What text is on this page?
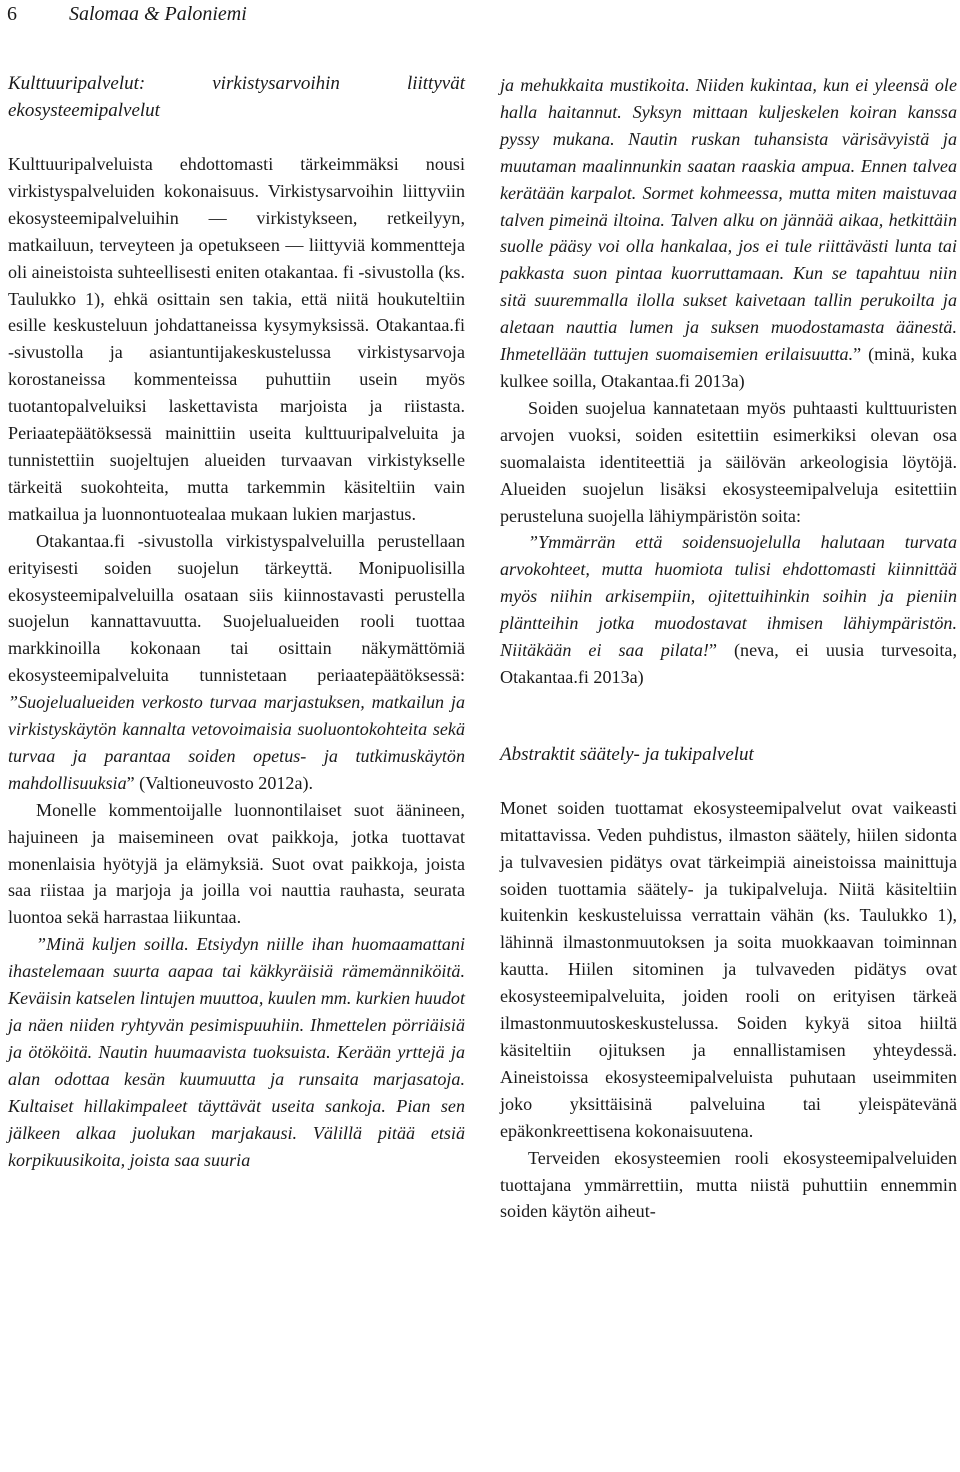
6	Salomaa & Paloniemi

Kulttuuripalvelut: virkistysarvoihin liittyvät ekosysteemipalvelut

Kulttuuripalveluista ehdottomasti tärkeimmäksi nousi virkistyspalveluiden kokonaisuus. Virkistysarvoihin liittyviin ekosysteemipalveluihin — virkistykseen, retkeilyyn, matkailuun, terveyteen ja opetukseen — liittyviä kommentteja oli aineistoista suhteellisesti eniten otakantaa. fi -sivustolla (ks. Taulukko 1), ehkä osittain sen takia, että niitä houkuteltiin esille keskusteluun johdattaneissa kysymyksissä. Otakantaa.fi -sivustolla ja asiantuntijakeskustelussa virkistysarvoja korostaneissa kommenteissa puhuttiin usein myös tuotantopalveluiksi laskettavista marjoista ja riistasta. Periaatepäätöksessä mainittiin useita kulttuuripalveluita ja tunnistettiin suojeltujen alueiden turvaavan virkistykselle tärkeitä suokohteita, mutta tarkemmin käsiteltiin vain matkailua ja luonnontuotealaa mukaan lukien marjastus.

Otakantaa.fi -sivustolla virkistyspalveluilla perustellaan erityisesti soiden suojelun tärkeyttä. Monipuolisilla ekosysteemipalveluilla osataan siis kiinnostavasti perustella suojelun kannattavuutta. Suojelualueiden rooli tuottaa markkinoilla kokonaan tai osittain näkymättömiä ekosysteemipalveluita tunnistetaan periaatepäätöksessä: ”Suojelualueiden verkosto turvaa marjastuksen, matkailun ja virkistyskäytön kannalta vetovoimaisia suoluontokohteita sekä turvaa ja parantaa soiden opetus- ja tutkimuskäytön mahdollisuuksia” (Valtioneuvosto 2012a).

Monelle kommentoijalle luonnontilaiset suot äänineen, hajuineen ja maisemineen ovat paikkoja, jotka tuottavat monenlaisia hyötyjä ja elämyksiä. Suot ovat paikkoja, joista saa riistaa ja marjoja ja joilla voi nauttia rauhasta, seurata luontoa sekä harrastaa liikuntaa.

”Minä kuljen soilla. Etsiydyn niille ihan huomaamattani ihastelemaan suurta aapaa tai käkkyräisiä rämemänniköitä. Keväisin katselen lintujen muuttoa, kuulen mm. kurkien huudot ja näen niiden ryhtyvän pesimispuuhiin. Ihmettelen pörriäisiä ja ötököitä. Nautin huumaavista tuoksuista. Kerään yrttejä ja alan odottaa kesän kuumuutta ja runsaita marjasatoja. Kultaiset hillakimpaleet täyttävät useita sankoja. Pian sen jälkeen alkaa juolukan marjakausi. Välillä pitää etsiä korpikuusikoita, joista saa suuria

ja mehukkaita mustikoita. Niiden kukintaa, kun ei yleensä ole halla haitannut. Syksyn mittaan kuljeskelen koiran kanssa pyssy mukana. Nautin ruskan tuhansista värisävyistä ja muutaman maalinnunkin saatan raaskia ampua. Ennen talvea kerätään karpalot. Sormet kohmeessa, mutta miten maistuvaa talven pimeinä iltoina. Talven alku on jännää aikaa, hetkittäin suolle pääsy voi olla hankalaa, jos ei tule riittävästi lunta tai pakkasta suon pintaa kuorruttamaan. Kun se tapahtuu niin sitä suuremmalla ilolla sukset kaivetaan tallin perukoilta ja aletaan nauttia lumen ja suksen muodostamasta äänestä. Ihmetellään tuttujen suomaisemien erilaisuutta.” (minä, kuka kulkee soilla, Otakantaa.fi 2013a)

Soiden suojelua kannatetaan myös puhtaasti kulttuuristen arvojen vuoksi, soiden esitettiin esimerkiksi olevan osa suomalaista identiteettiä ja säilövän arkeologisia löytöjä. Alueiden suojelun lisäksi ekosysteemipalveluja esitettiin perusteluna suojella lähiympäristön soita:

”Ymmärrän että soidensuojelulla halutaan turvata arvokohteet, mutta huomiota tulisi ehdottomasti kiinnittää myös niihin arkisempiin, ojitettuihinkin soihin ja pieniin pläntteihin jotka muodostavat ihmisen lähiympäristön. Niitäkään ei saa pilata!” (neva, ei uusia turvesoita, Otakantaa.fi 2013a)

Abstraktit säätely- ja tukipalvelut

Monet soiden tuottamat ekosysteemipalvelut ovat vaikeasti mitattavissa. Veden puhdistus, ilmaston säätely, hiilen sidonta ja tulvavesien pidätys ovat tärkeimpiä aineistoissa mainittuja soiden tuottamia säätely- ja tukipalveluja. Niitä käsiteltiin kuitenkin keskusteluissa verrattain vähän (ks. Taulukko 1), lähinnä ilmastonmuutoksen ja soita muokkaavan toiminnan kautta. Hiilen sitominen ja tulvaveden pidätys ovat ekosysteemipalveluita, joiden rooli on erityisen tärkeä ilmastonmuutoskeskustelussa. Soiden kykyä sitoa hiiltä käsiteltiin ojituksen ja ennallistamisen yhteydessä. Aineistoissa ekosysteemipalveluista puhutaan useimmiten joko yksittäisinä palveluina tai yleispätevänä epäkonkreettisena kokonaisuutena.

Terveiden ekosysteemien rooli ekosysteemipalveluiden tuottajana ymmärrettiin, mutta niistä puhuttiin ennemmin soiden käytön aiheut-
